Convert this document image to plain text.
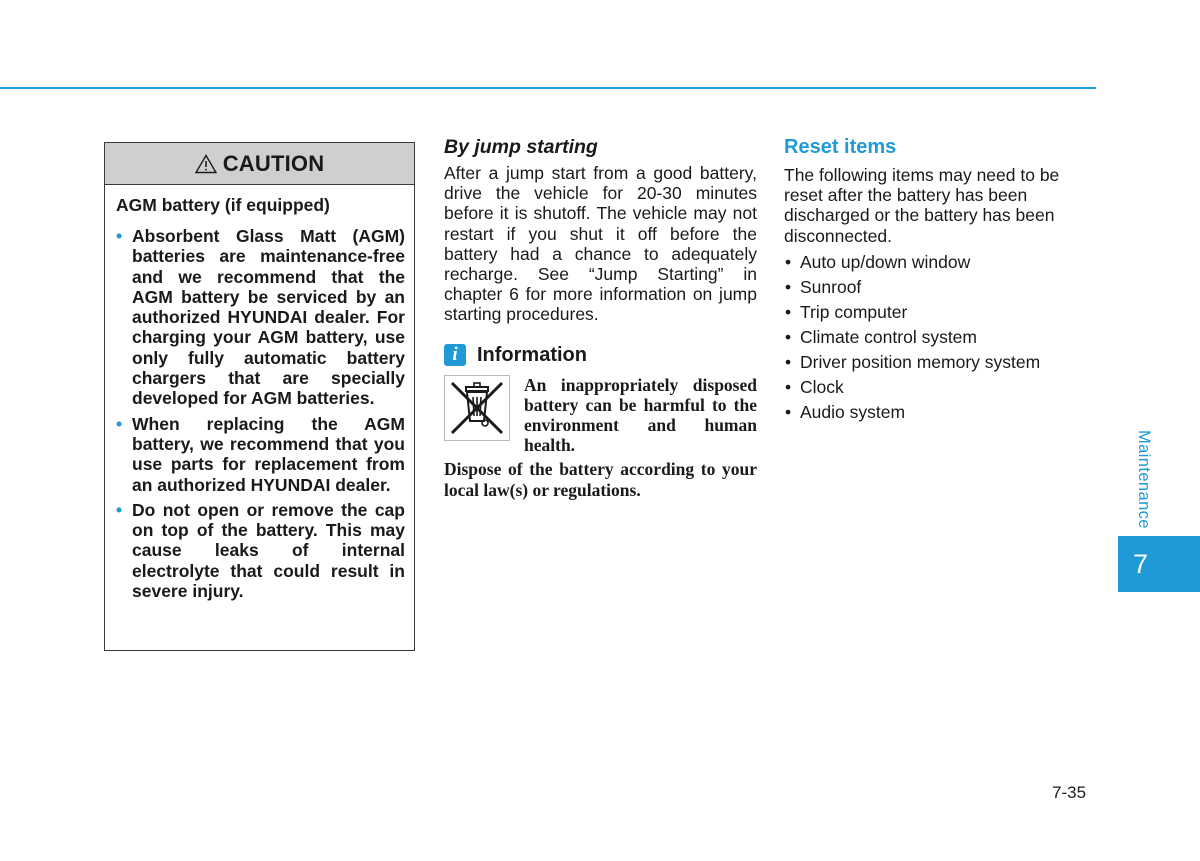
CAUTION

AGM battery (if equipped)

• Absorbent Glass Matt (AGM) batteries are maintenance-free and we recommend that the AGM battery be serviced by an authorized HYUNDAI dealer. For charging your AGM battery, use only fully automatic battery chargers that are specially developed for AGM batteries.
• When replacing the AGM battery, we recommend that you use parts for replacement from an authorized HYUNDAI dealer.
• Do not open or remove the cap on top of the battery. This may cause leaks of internal electrolyte that could result in severe injury.
By jump starting

After a jump start from a good battery, drive the vehicle for 20-30 minutes before it is shutoff. The vehicle may not restart if you shut it off before the battery had a chance to adequately recharge. See “Jump Starting” in chapter 6 for more information on jump starting procedures.

i Information

An inappropriately disposed battery can be harmful to the environment and human health.

Dispose of the battery according to your local law(s) or regulations.

Reset items

The following items may need to be reset after the battery has been discharged or the battery has been disconnected.

• Auto up/down window
• Sunroof
• Trip computer
• Climate control system
• Driver position memory system
• Clock
• Audio system
Maintenance
7
7-35
